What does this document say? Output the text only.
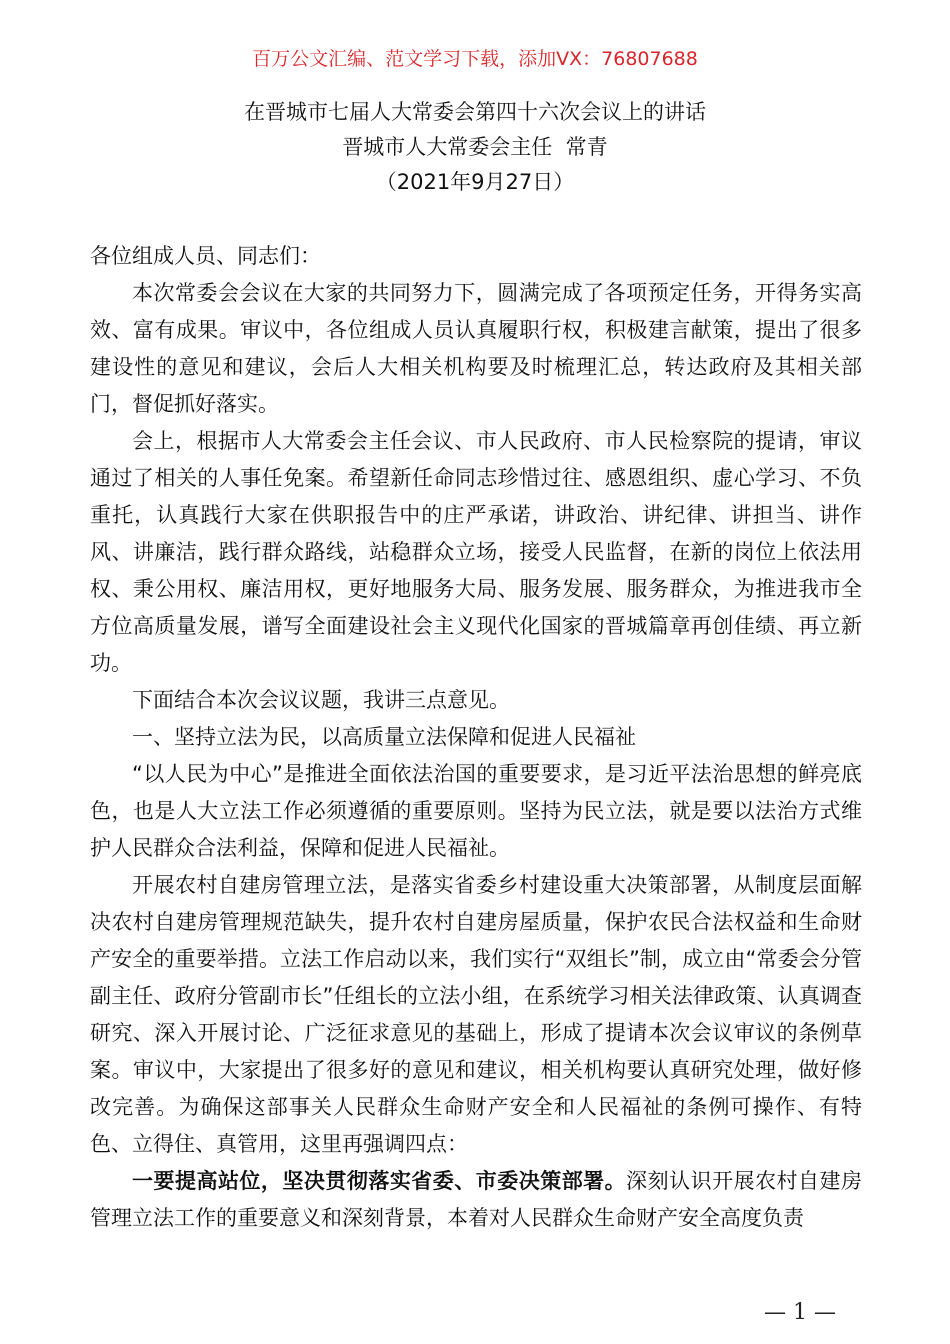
百万公文汇编、范文学习下载，添加VX：76807688
在晋城市七届人大常委会第四十六次会议上的讲话
晋城市人大常委会主任  常青
（2021年9月27日）

各位组成人员、同志们：

本次常委会会议在大家的共同努力下，圆满完成了各项预定任务，开得务实高效、富有成果。审议中，各位组成人员认真履职行权，积极建言献策，提出了很多建设性的意见和建议，会后人大相关机构要及时梳理汇总，转达政府及其相关部门，督促抓好落实。

会上，根据市人大常委会主任会议、市人民政府、市人民检察院的提请，审议通过了相关的人事任免案。希望新任命同志珍惜过往、感恩组织、虚心学习、不负重托，认真践行大家在供职报告中的庄严承诺，讲政治、讲纪律、讲担当、讲作风、讲廉洁，践行群众路线，站稳群众立场，接受人民监督，在新的岗位上依法用权、秉公用权、廉洁用权，更好地服务大局、服务发展、服务群众，为推进我市全方位高质量发展，谱写全面建设社会主义现代化国家的晋城篇章再创佳绩、再立新功。

下面结合本次会议议题，我讲三点意见。

一、坚持立法为民，以高质量立法保障和促进人民福祉

“以人民为中心”是推进全面依法治国的重要要求，是习近平法治思想的鲜亮底色，也是人大立法工作必须遵循的重要原则。坚持为民立法，就是要以法治方式维护人民群众合法利益，保障和促进人民福祉。

开展农村自建房管理立法，是落实省委乡村建设重大决策部署，从制度层面解决农村自建房管理规范缺失，提升农村自建房屋质量，保护农民合法权益和生命财产安全的重要举措。立法工作启动以来，我们实行“双组长”制，成立由“常委会分管副主任、政府分管副市长”任组长的立法小组，在系统学习相关法律政策、认真调查研究、深入开展讨论、广泛征求意见的基础上，形成了提请本次会议审议的条例草案。审议中，大家提出了很多好的意见和建议，相关机构要认真研究处理，做好修改完善。为确保这部事关人民群众生命财产安全和人民福祉的条例可操作、有特色、立得住、真管用，这里再强调四点：

一要提高站位，坚决贯彻落实省委、市委决策部署。深刻认识开展农村自建房管理立法工作的重要意义和深刻背景，本着对人民群众生命财产安全高度负责

— 1 —
